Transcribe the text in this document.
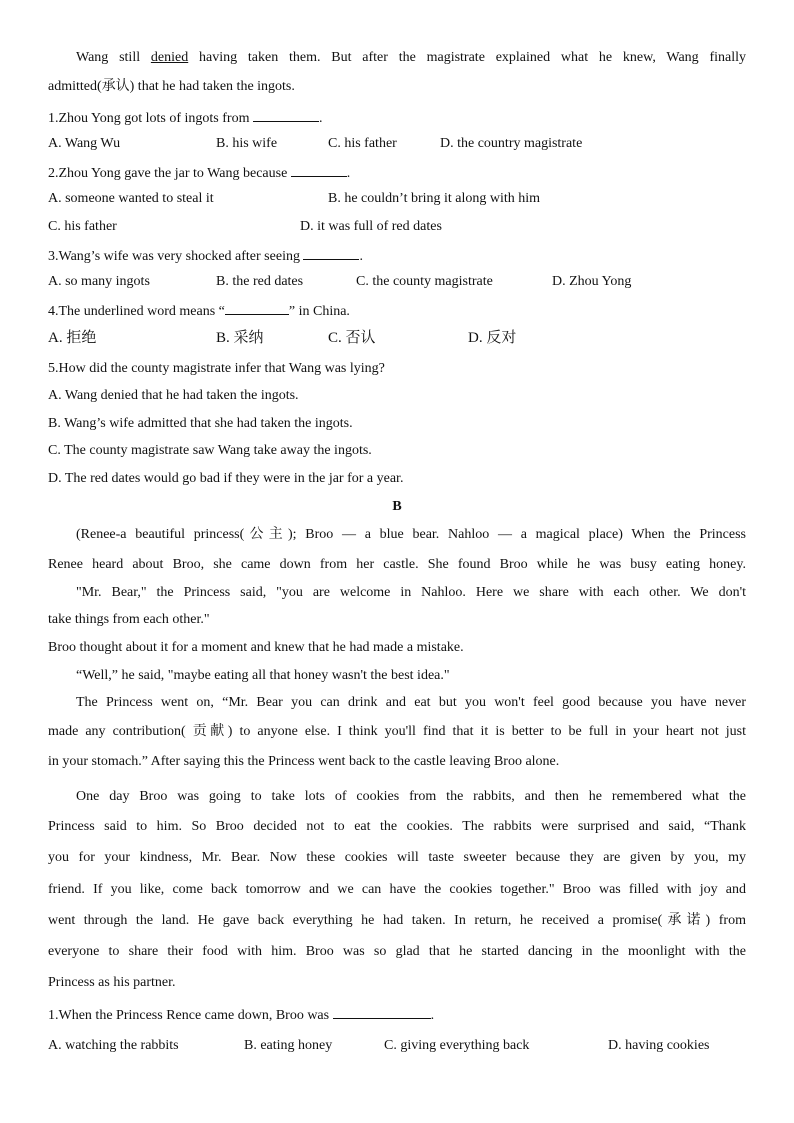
Wang still denied having taken them. But after the magistrate explained what he knew, Wang finally
admitted(承认) that he had taken the ingots.
1.Zhou Yong got lots of ingots from	.
A. Wang Wu	B. his wife	C. his father	D. the country magistrate
2.Zhou Yong gave the jar to Wang because	.
A. someone wanted to steal it	B. he couldn’t bring it along with him
C. his father	D. it was full of red dates
3.Wang’s wife was very shocked after seeing	.
A. so many ingots	B. the red dates	C. the county magistrate	D. Zhou Yong
4.The underlined word means “	” in China.
A. 拒绝	B. 采纳	C. 否认	D. 反对
5.How did the county magistrate infer that Wang was lying?
A. Wang denied that he had taken the ingots.
B. Wang’s wife admitted that she had taken the ingots.
C. The county magistrate saw Wang take away the ingots.
D. The red dates would go bad if they were in the jar for a year.
B
(Renee-a beautiful princess(公主); Broo — a blue bear. Nahloo — a magical place) When the Princess
Renee heard about Broo, she came down from her castle. She found Broo while he was busy eating honey.
"Mr. Bear," the Princess said, "you are welcome in Nahloo. Here we share with each other. We don't
take things from each other."
Broo thought about it for a moment and knew that he had made a mistake.
“Well,” he said, "maybe eating all that honey wasn't the best idea."
The Princess went on, “Mr. Bear you can drink and eat but you won't feel good because you have never
made any contribution( 贡献) to anyone else. I think you'll find that it is better to be full in your heart not just
in your stomach.” After saying this the Princess went back to the castle leaving Broo alone.
One day Broo was going to take lots of cookies from the rabbits, and then he remembered what the
Princess said to him. So Broo decided not to eat the cookies. The rabbits were surprised and said, “Thank
you for your kindness, Mr. Bear. Now these cookies will taste sweeter because they are given by you, my
friend. If you like, come back tomorrow and we can have the cookies together." Broo was filled with joy and
went through the land. He gave back everything he had taken. In return, he received a promise(承诺) from
everyone to share their food with him. Broo was so glad that he started dancing in the moonlight with the
Princess as his partner.
1.When the Princess Rence came down, Broo was	.
A. watching the rabbits	B. eating honey	C. giving everything back	D. having cookies
